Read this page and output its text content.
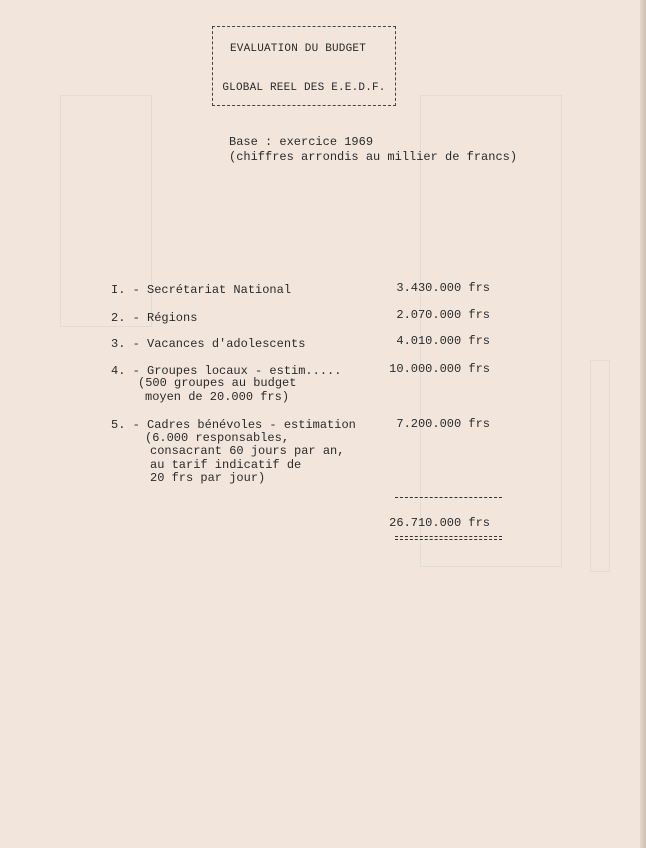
EVALUATION DU BUDGET
GLOBAL REEL DES E.E.D.F.
Base : exercice 1969
(chiffres arrondis au millier de francs)
I. - Secrétariat National	3.430.000 frs
2. - Régions	2.070.000 frs
3. - Vacances d'adolescents	4.010.000 frs
4. - Groupes locaux - estim.....	10.000.000 frs
(500 groupes au budget
moyen de 20.000 frs)
5. - Cadres bénévoles - estimation	7.200.000 frs
(6.000 responsables,
consacrant 60 jours par an,
au tarif indicatif de
20 frs par jour)
26.710.000 frs
